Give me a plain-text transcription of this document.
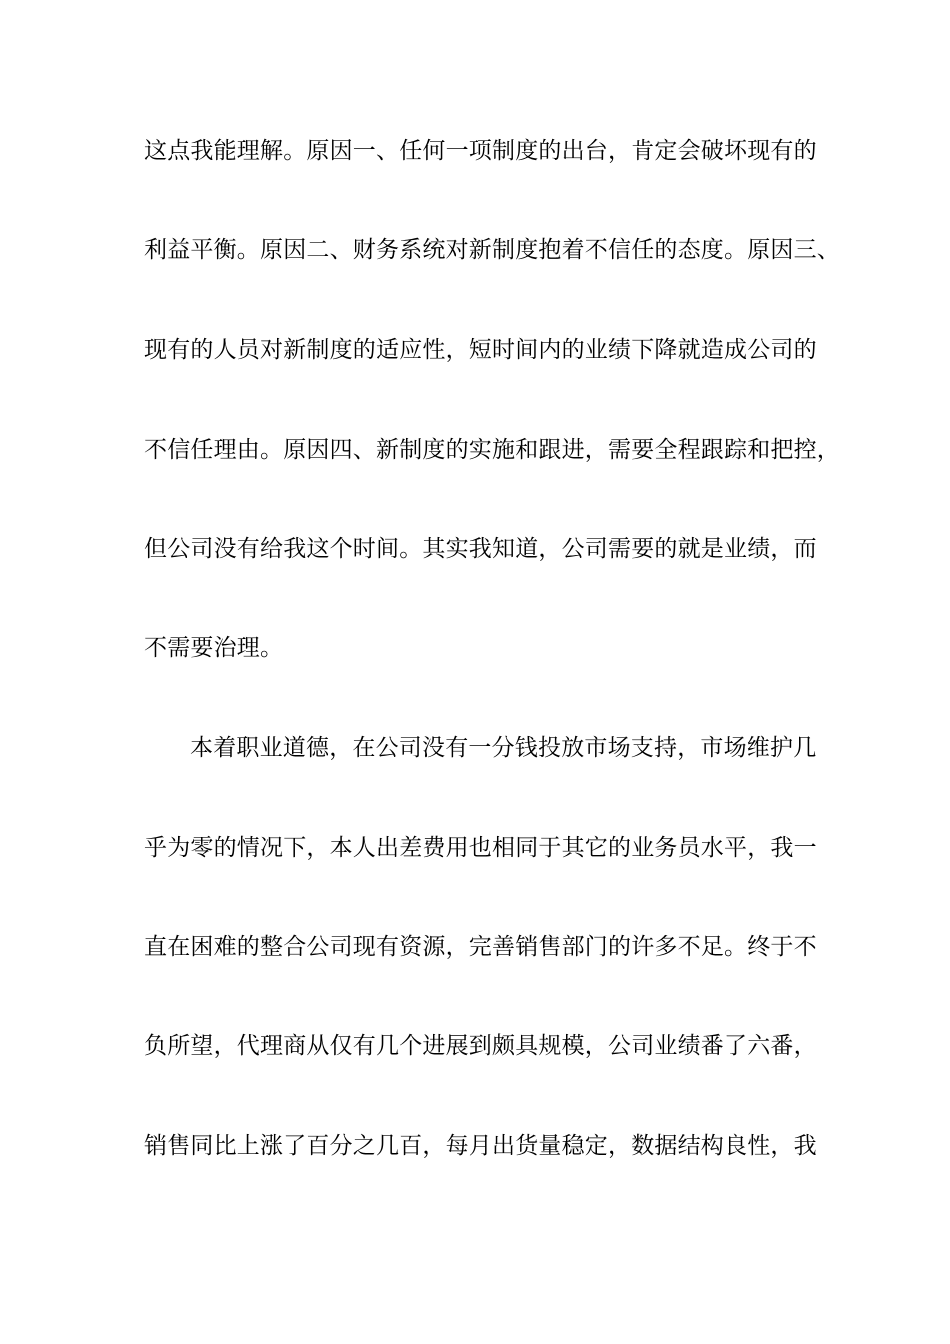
这点我能理解。原因一、任何一项制度的出台，肯定会破坏现有的
利益平衡。原因二、财务系统对新制度抱着不信任的态度。原因三、
现有的人员对新制度的适应性，短时间内的业绩下降就造成公司的
不信任理由。原因四、新制度的实施和跟进，需要全程跟踪和把控，
但公司没有给我这个时间。其实我知道，公司需要的就是业绩，而
不需要治理。
本着职业道德，在公司没有一分钱投放市场支持，市场维护几
乎为零的情况下，本人出差费用也相同于其它的业务员水平，我一
直在困难的整合公司现有资源，完善销售部门的许多不足。终于不
负所望，代理商从仅有几个进展到颇具规模，公司业绩番了六番，
销售同比上涨了百分之几百，每月出货量稳定，数据结构良性，我
